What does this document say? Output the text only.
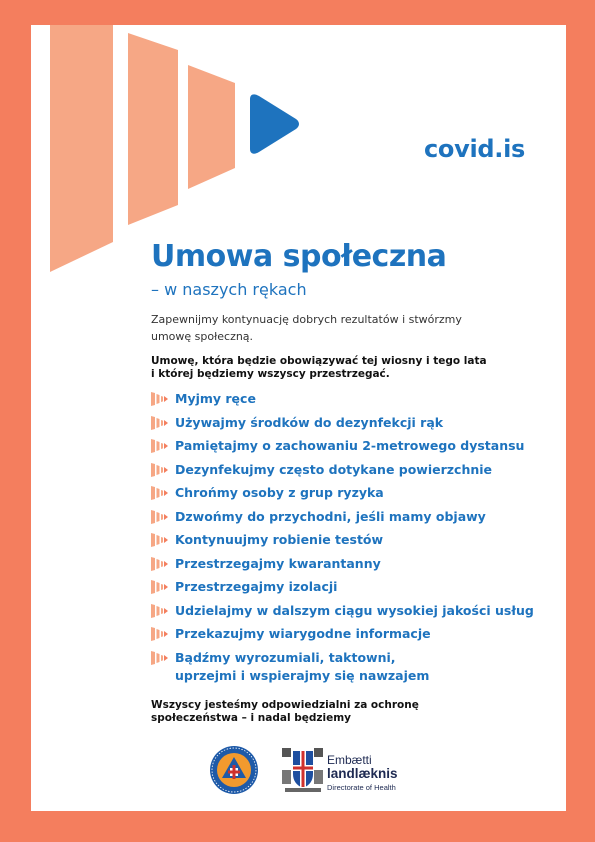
covid.is
Umowa społeczna
– w naszych rękach
Zapewnijmy kontynuację dobrych rezultatów i stwórzmy umowę społeczną.
Umowę, która będzie obowiązywać tej wiosny i tego lata
i której będziemy wszyscy przestrzegać.
Myjmy ręce
Używajmy środków do dezynfekcji rąk
Pamiętajmy o zachowaniu 2-metrowego dystansu
Dezynfekujmy często dotykane powierzchnie
Chrońmy osoby z grup ryzyka
Dzwońmy do przychodni, jeśli mamy objawy
Kontynuujmy robienie testów
Przestrzegajmy kwarantanny
Przestrzegajmy izolacji
Udzielajmy w dalszym ciągu wysokiej jakości usług
Przekazujmy wiarygodne informacje
Bądźmy wyrozumiali, taktowni,
uprzejmi i wspierajmy się nawzajem
Wszyscy jesteśmy odpowiedzialni za ochronę
społeczeństwa – i nadal będziemy
Embætti
landlæknis
Directorate of Health
